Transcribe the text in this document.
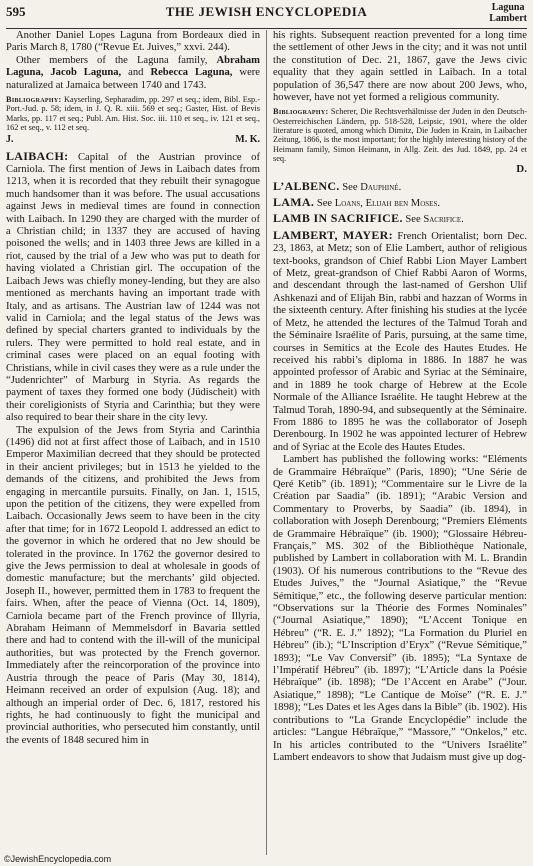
595	THE JEWISH ENCYCLOPEDIA	Laguna
Lambert

Another Daniel Lopes Laguna from Bordeaux died in Paris March 8, 1780 (“Revue Et. Juives,” xxvi. 244).

Other members of the Laguna family, Abraham Laguna, Jacob Laguna, and Rebecca Laguna, were naturalized at Jamaica between 1740 and 1743.

Bibliography: Kayserling, Sepharadim, pp. 297 et seq.; idem, Bibl. Esp.-Port.-Jud. p. 58; idem, in J. Q. R. xiii. 569 et seq.; Gaster, Hist. of Bevis Marks, pp. 117 et seq.; Publ. Am. Hist. Soc. iii. 110 et seq., iv. 121 et seq., 162 et seq., v. 112 et seq.

J.	M. K.

LAIBACH: Capital of the Austrian province of Carniola. The first mention of Jews in Laibach dates from 1213, when it is recorded that they rebuilt their synagogue much handsomer than it was before. The usual accusations against Jews in medieval times are found in connection with Laibach. In 1290 they are charged with the murder of a Christian child; in 1337 they are accused of having poisoned the wells; and in 1403 three Jews are killed in a riot, caused by the trial of a Jew who was put to death for having violated a Christian girl. The occupation of the Laibach Jews was chiefly money-lending, but they are also mentioned as merchants having an important trade with Italy, and as artisans. The Austrian law of 1244 was not valid in Carniola; and the legal status of the Jews was defined by special charters granted to individuals by the rulers. They were permitted to hold real estate, and in criminal cases were placed on an equal footing with Christians, while in civil cases they were as a rule under the “Judenrichter” of Marburg in Styria. As regards the payment of taxes they formed one body (Jüdischeit) with their coreligionists of Styria and Carinthia; but they were also required to bear their share in the city levy.

The expulsion of the Jews from Styria and Carinthia (1496) did not at first affect those of Laibach, and in 1510 Emperor Maximilian decreed that they should be protected in their ancient privileges; but in 1513 he yielded to the demands of the citizens, and prohibited the Jews from engaging in mercantile pursuits. Finally, on Jan. 1, 1515, upon the petition of the citizens, they were expelled from Laibach. Occasionally Jews seem to have been in the city after that time; for in 1672 Leopold I. addressed an edict to the governor in which he ordered that no Jew should be tolerated in the province. In 1762 the governor desired to give the Jews permission to deal at wholesale in goods of domestic manufacture; but the merchants’ gild objected. Joseph II., however, permitted them in 1783 to frequent the fairs. When, after the peace of Vienna (Oct. 14, 1809), Carniola became part of the French province of Illyria, Abraham Heimann of Memmelsdorf in Bavaria settled there and had to contend with the ill-will of the municipal authorities, but was protected by the French governor. Immediately after the reincorporation of the province into Austria through the peace of Paris (May 30, 1814), Heimann received an order of expulsion (Aug. 18); and although an imperial order of Dec. 6, 1817, restored his rights, he had continuously to fight the municipal and provincial authorities, who persecuted him constantly, until the events of 1848 secured him in

his rights. Subsequent reaction prevented for a long time the settlement of other Jews in the city; and it was not until the constitution of Dec. 21, 1867, gave the Jews civic equality that they again settled in Laibach. In a total population of 36,547 there are now about 200 Jews, who, however, have not yet formed a religious community.

Bibliography: Scherer, Die Rechtsverhältnisse der Juden in den Deutsch-Oesterreichischen Ländern, pp. 518-528, Leipsic, 1901, where the older literature is quoted, among which Dimitz, Die Juden in Krain, in Laibacher Zeitung, 1866, is the most important; for the highly interesting history of the Heimann family, Simon Heimann, in Allg. Zeit. des Jud. 1849, pp. 24 et seq.

D.

L’ALBENC. See Dauphiné.

LAMA. See Loans, Elijah ben Moses.

LAMB IN SACRIFICE. See Sacrifice.

LAMBERT, MAYER: French Orientalist; born Dec. 23, 1863, at Metz; son of Elie Lambert, author of religious text-books, grandson of Chief Rabbi Lion Mayer Lambert of Metz, great-grandson of Chief Rabbi Aaron of Worms, and descendant through the last-named of Gershon Ulif Ashkenazi and of Elijah Bin, rabbi and hazzan of Worms in the sixteenth century. After finishing his studies at the lycée of Metz, he attended the lectures of the Talmud Torah and the Séminaire Israélite of Paris, pursuing, at the same time, courses in Semitics at the Ecole des Hautes Etudes. He received his rabbi’s diploma in 1886. In 1887 he was appointed professor of Arabic and Syriac at the Séminaire, and in 1889 he took charge of Hebrew at the Ecole Normale of the Alliance Israélite. He taught Hebrew at the Talmud Torah, 1890-94, and subsequently at the Séminaire. From 1886 to 1895 he was the collaborator of Joseph Derenbourg. In 1902 he was appointed lecturer of Hebrew and of Syriac at the Ecole des Hautes Etudes.

Lambert has published the following works: “Eléments de Grammaire Hébraïque” (Paris, 1890); “Une Série de Qeré Ketib” (ib. 1891); “Commentaire sur le Livre de la Création par Saadia” (ib. 1891); “Arabic Version and Commentary to Proverbs, by Saadia” (ib. 1894), in collaboration with Joseph Derenbourg; “Premiers Eléments de Grammaire Hébraïque” (ib. 1900); “Glossaire Hébreu-Français,” MS. 302 of the Bibliothèque Nationale, published by Lambert in collaboration with M. L. Brandin (1903). Of his numerous contributions to the “Revue des Etudes Juives,” the “Journal Asiatique,” the “Revue Sémitique,” etc., the following deserve particular mention: “Observations sur la Théorie des Formes Nominales” (“Journal Asiatique,” 1890); “L’Accent Tonique en Hébreu” (“R. E. J.” 1892); “La Formation du Pluriel en Hébreu” (ib.); “L’Inscription d’Eryx” (“Revue Sémitique,” 1893); “Le Vav Conversif” (ib. 1895); “La Syntaxe de l’Impératif Hébreu” (ib. 1897); “L’Article dans la Poésie Hébraïque” (ib. 1898); “De l’Accent en Arabe” (“Jour. Asiatique,” 1898); “Le Cantique de Moïse” (“R. E. J.” 1898); “Les Dates et les Ages dans la Bible” (ib. 1902). His contributions to “La Grande Encyclopédie” include the articles: “Langue Hébraïque,” “Massore,” “Onkelos,” etc. In his articles contributed to the “Univers Israélite” Lambert endeavors to show that Judaism must give up dog-

©JewishEncyclopedia.com
